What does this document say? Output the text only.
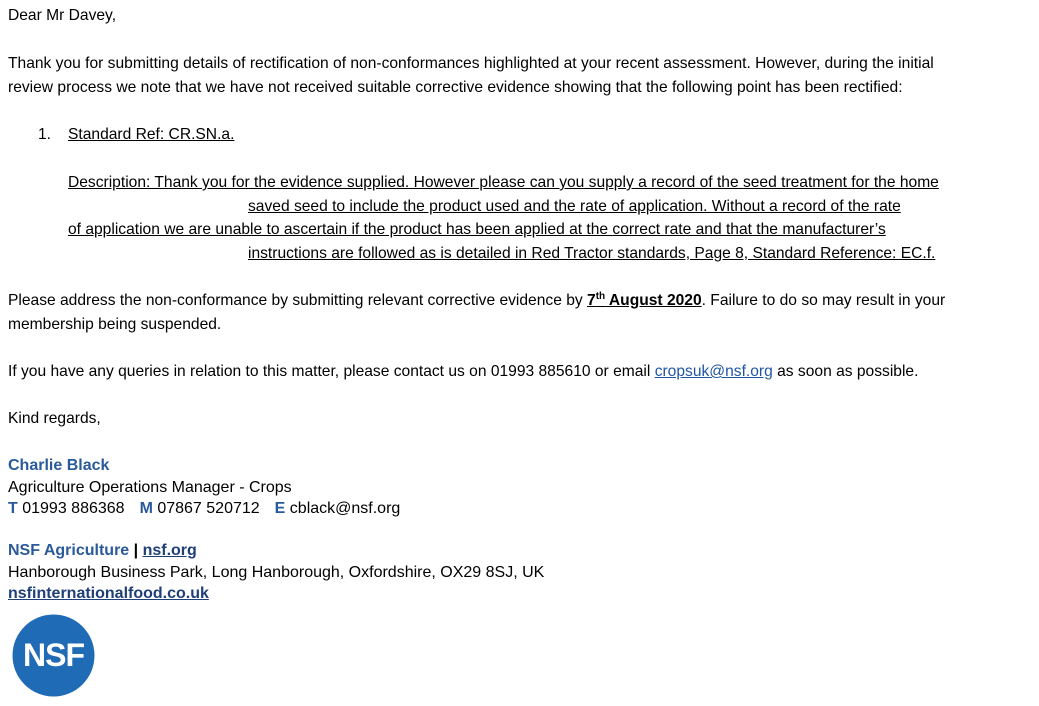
Dear Mr Davey,
Thank you for submitting details of rectification of non-conformances highlighted at your recent assessment. However, during the initial
review process we note that we have not received suitable corrective evidence showing that the following point has been rectified:
1. Standard Ref: CR.SN.a.
Description: Thank you for the evidence supplied. However please can you supply a record of the seed treatment for the home
saved seed to include the product used and the rate of application. Without a record of the rate
of application we are unable to ascertain if the product has been applied at the correct rate and that the manufacturer’s
instructions are followed as is detailed in Red Tractor standards, Page 8, Standard Reference: EC.f.
Please address the non-conformance by submitting relevant corrective evidence by 7th August 2020. Failure to do so may result in your
membership being suspended.
If you have any queries in relation to this matter, please contact us on 01993 885610 or email cropsuk@nsf.org as soon as possible.
Kind regards,
Charlie Black
Agriculture Operations Manager - Crops
T 01993 886368 M 07867 520712 E cblack@nsf.org
NSF Agriculture | nsf.org
Hanborough Business Park, Long Hanborough, Oxfordshire, OX29 8SJ, UK
nsfinternationalfood.co.uk
NSF
